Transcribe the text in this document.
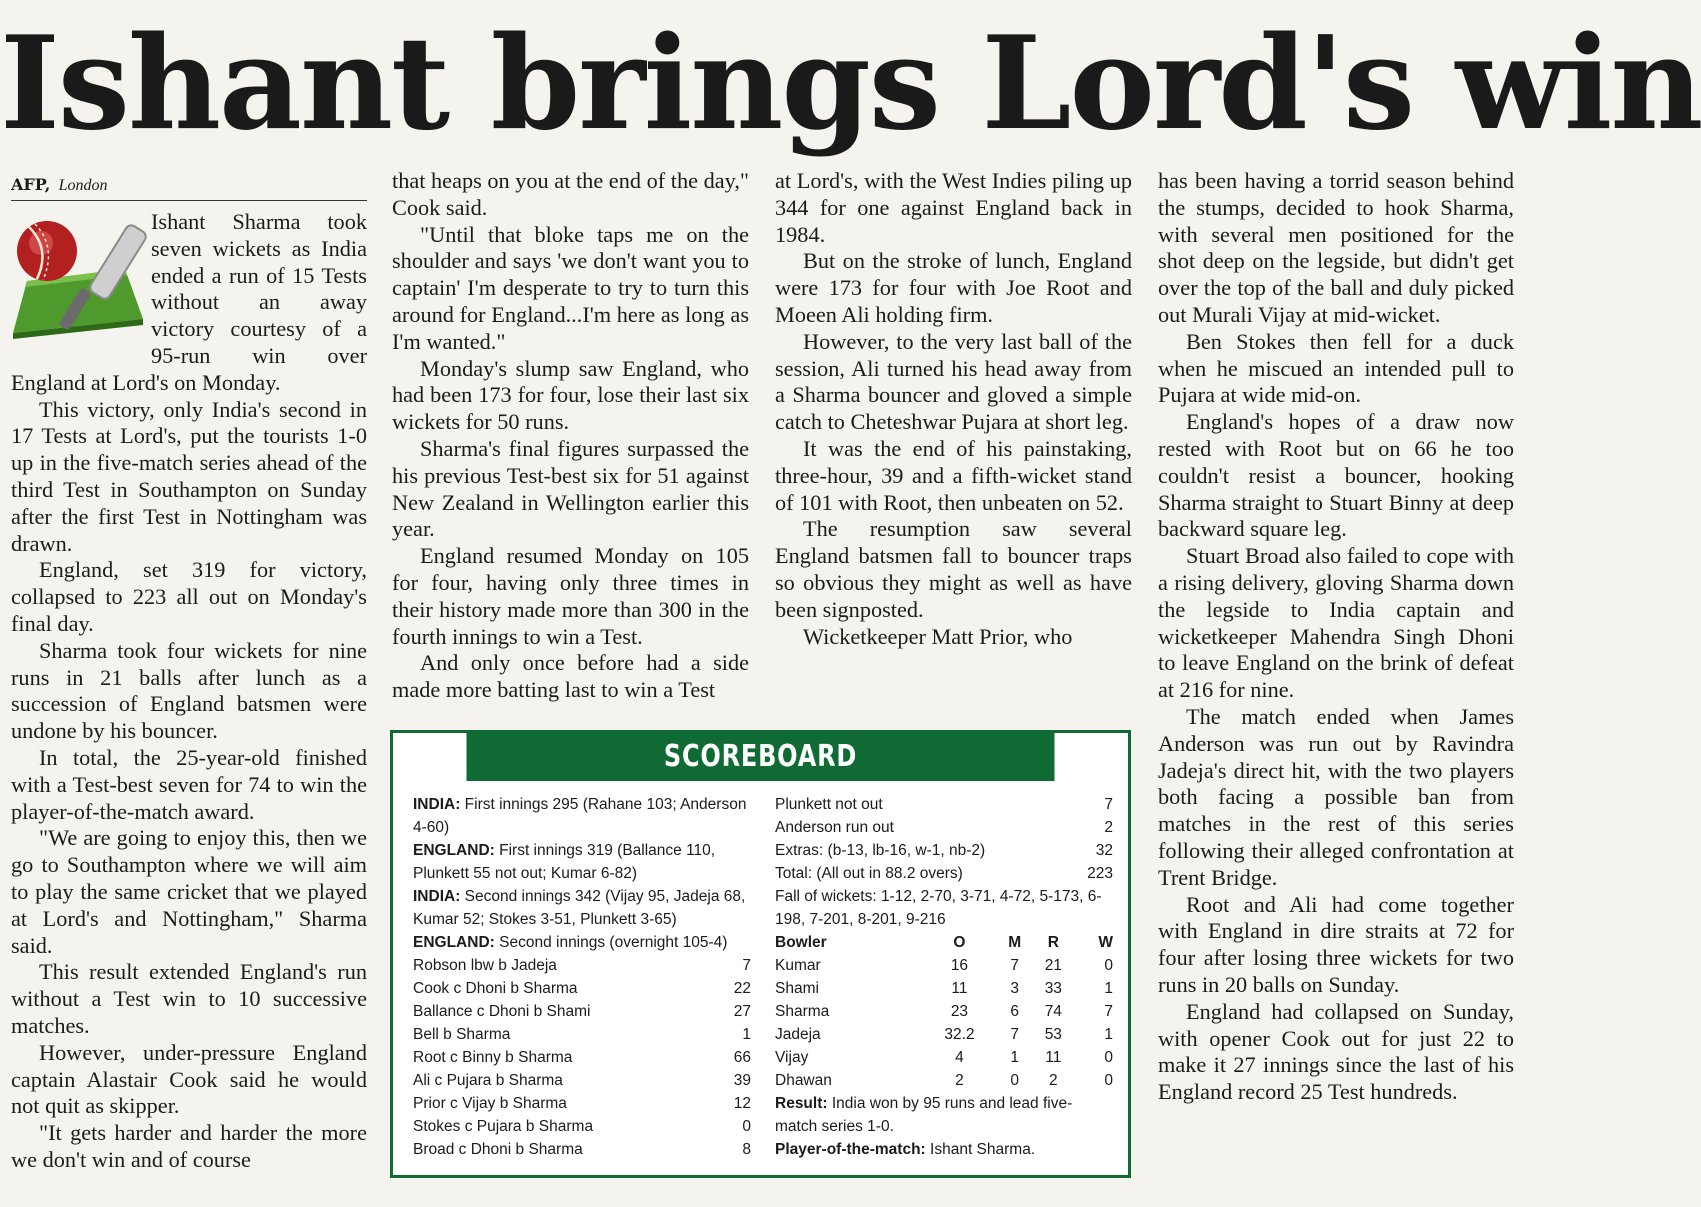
Ishant brings Lord's win
AFP, London

Ishant Sharma took seven wickets as India ended a run of 15 Tests without an away victory courtesy of a 95-run win over England at Lord's on Monday.

This victory, only India's second in 17 Tests at Lord's, put the tourists 1-0 up in the five-match series ahead of the third Test in Southampton on Sunday after the first Test in Nottingham was drawn.

England, set 319 for victory, collapsed to 223 all out on Monday's final day.

Sharma took four wickets for nine runs in 21 balls after lunch as a succession of England batsmen were undone by his bouncer.

In total, the 25-year-old finished with a Test-best seven for 74 to win the player-of-the-match award.

"We are going to enjoy this, then we go to Southampton where we will aim to play the same cricket that we played at Lord's and Nottingham," Sharma said.

This result extended England's run without a Test win to 10 successive matches.

However, under-pressure England captain Alastair Cook said he would not quit as skipper.

"It gets harder and harder the more we don't win and of course

that heaps on you at the end of the day," Cook said.

"Until that bloke taps me on the shoulder and says 'we don't want you to captain' I'm desperate to try to turn this around for England...I'm here as long as I'm wanted."

Monday's slump saw England, who had been 173 for four, lose their last six wickets for 50 runs.

Sharma's final figures surpassed the his previous Test-best six for 51 against New Zealand in Wellington earlier this year.

England resumed Monday on 105 for four, having only three times in their history made more than 300 in the fourth innings to win a Test.

And only once before had a side made more batting last to win a Test

at Lord's, with the West Indies piling up 344 for one against England back in 1984.

But on the stroke of lunch, England were 173 for four with Joe Root and Moeen Ali holding firm.

However, to the very last ball of the session, Ali turned his head away from a Sharma bouncer and gloved a simple catch to Cheteshwar Pujara at short leg.

It was the end of his painstaking, three-hour, 39 and a fifth-wicket stand of 101 with Root, then unbeaten on 52.

The resumption saw several England batsmen fall to bouncer traps so obvious they might as well as have been signposted.

Wicketkeeper Matt Prior, who

has been having a torrid season behind the stumps, decided to hook Sharma, with several men positioned for the shot deep on the legside, but didn't get over the top of the ball and duly picked out Murali Vijay at mid-wicket.

Ben Stokes then fell for a duck when he miscued an intended pull to Pujara at wide mid-on.

England's hopes of a draw now rested with Root but on 66 he too couldn't resist a bouncer, hooking Sharma straight to Stuart Binny at deep backward square leg.

Stuart Broad also failed to cope with a rising delivery, gloving Sharma down the legside to India captain and wicketkeeper Mahendra Singh Dhoni to leave England on the brink of defeat at 216 for nine.

The match ended when James Anderson was run out by Ravindra Jadeja's direct hit, with the two players both facing a possible ban from matches in the rest of this series following their alleged confrontation at Trent Bridge.

Root and Ali had come together with England in dire straits at 72 for four after losing three wickets for two runs in 20 balls on Sunday.

England had collapsed on Sunday, with opener Cook out for just 22 to make it 27 innings since the last of his England record 25 Test hundreds.

SCOREBOARD

INDIA: First innings 295 (Rahane 103; Anderson 4-60)

ENGLAND: First innings 319 (Ballance 110, Plunkett 55 not out; Kumar 6-82)

INDIA: Second innings 342 (Vijay 95, Jadeja 68, Kumar 52; Stokes 3-51, Plunkett 3-65)

ENGLAND: Second innings (overnight 105-4)

Robson lbw b Jadeja	7
Cook c Dhoni b Sharma	22
Ballance c Dhoni b Shami	27
Bell b Sharma	1
Root c Binny b Sharma	66
Ali c Pujara b Sharma	39
Prior c Vijay b Sharma	12
Stokes c Pujara b Sharma	0
Broad c Dhoni b Sharma	8
Plunkett not out	7
Anderson run out	2
Extras: (b-13, lb-16, w-1, nb-2)	32
Total: (All out in 88.2 overs)	223

Fall of wickets: 1-12, 2-70, 3-71, 4-72, 5-173, 6-198, 7-201, 8-201, 9-216

Bowler	O	M	R	W
Kumar	16	7	21	0
Shami	11	3	33	1
Sharma	23	6	74	7
Jadeja	32.2	7	53	1
Vijay	4	1	11	0
Dhawan	2	0	2	0

Result: India won by 95 runs and lead five-match series 1-0.

Player-of-the-match: Ishant Sharma.
